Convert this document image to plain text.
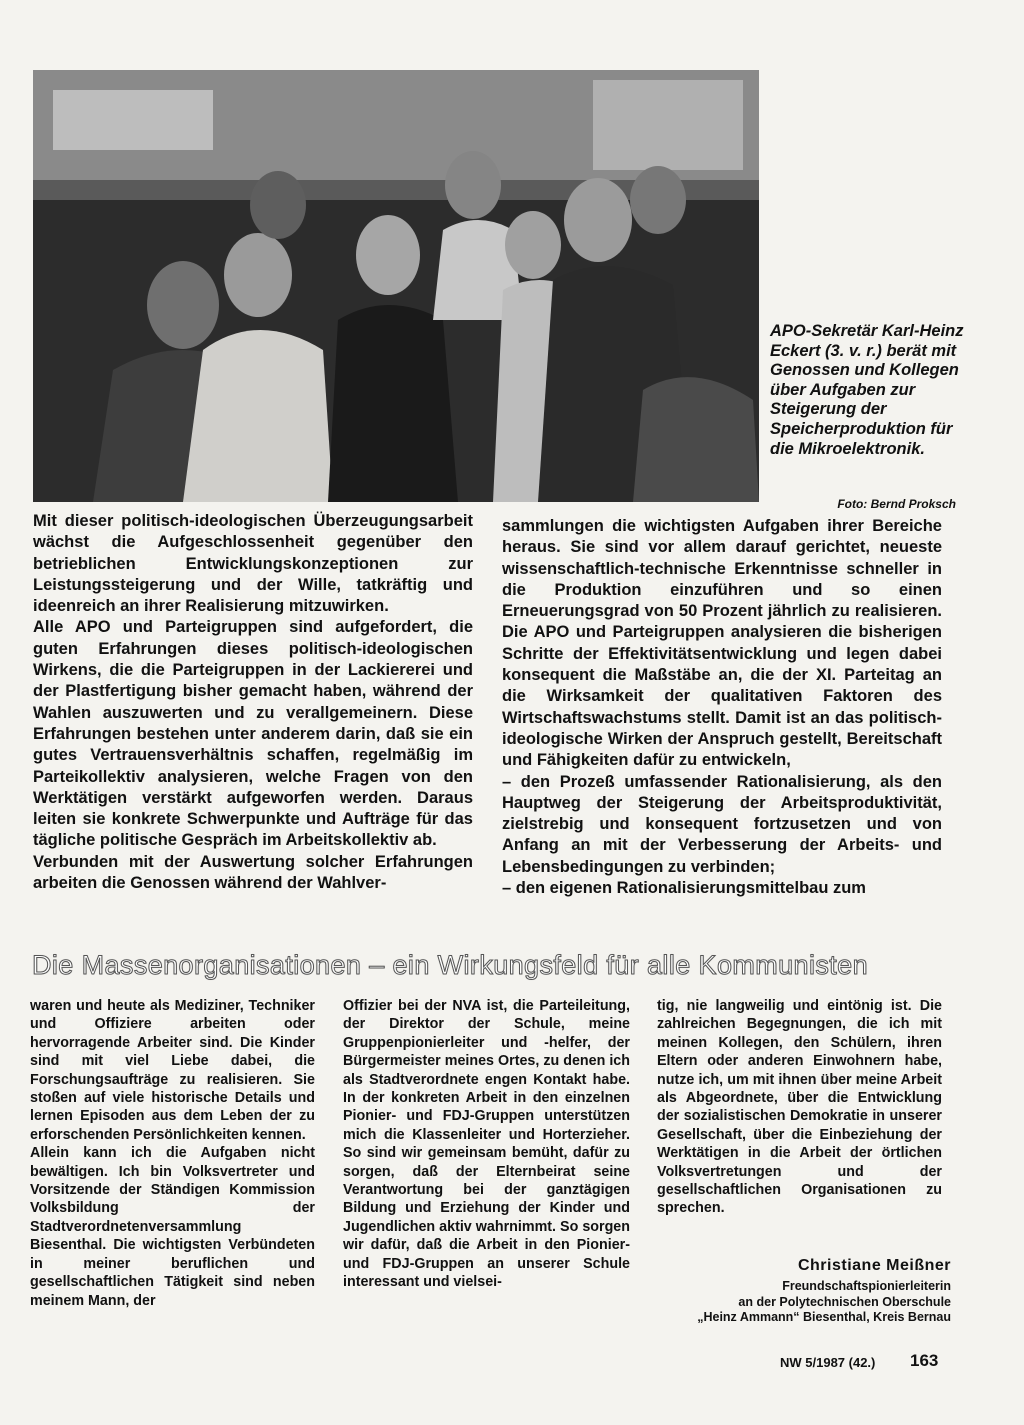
APO-Sekretär Karl-Heinz Eckert (3. v. r.) berät mit Genossen und Kollegen über Aufgaben zur Steigerung der Speicherproduktion für die Mikroelektronik.
Foto: Bernd Proksch

Mit dieser politisch-ideologischen Überzeugungsarbeit wächst die Aufgeschlossenheit gegenüber den betrieblichen Entwicklungskonzeptionen zur Leistungssteigerung und der Wille, tatkräftig und ideenreich an ihrer Realisierung mitzuwirken.

Alle APO und Parteigruppen sind aufgefordert, die guten Erfahrungen dieses politisch-ideologischen Wirkens, die die Parteigruppen in der Lackiererei und der Plastfertigung bisher gemacht haben, während der Wahlen auszuwerten und zu verallgemeinern. Diese Erfahrungen bestehen unter anderem darin, daß sie ein gutes Vertrauensverhältnis schaffen, regelmäßig im Parteikollektiv analysieren, welche Fragen von den Werktätigen verstärkt aufgeworfen werden. Daraus leiten sie konkrete Schwerpunkte und Aufträge für das tägliche politische Gespräch im Arbeitskollektiv ab.

Verbunden mit der Auswertung solcher Erfahrungen arbeiten die Genossen während der Wahlver-

sammlungen die wichtigsten Aufgaben ihrer Bereiche heraus. Sie sind vor allem darauf gerichtet, neueste wissenschaftlich-technische Erkenntnisse schneller in die Produktion einzuführen und so einen Erneuerungsgrad von 50 Prozent jährlich zu realisieren. Die APO und Parteigruppen analysieren die bisherigen Schritte der Effektivitätsentwicklung und legen dabei konsequent die Maßstäbe an, die der XI. Parteitag an die Wirksamkeit der qualitativen Faktoren des Wirtschaftswachstums stellt. Damit ist an das politisch-ideologische Wirken der Anspruch gestellt, Bereitschaft und Fähigkeiten dafür zu entwickeln,

– den Prozeß umfassender Rationalisierung, als den Hauptweg der Steigerung der Arbeitsproduktivität, zielstrebig und konsequent fortzusetzen und von Anfang an mit der Verbesserung der Arbeits- und Lebensbedingungen zu verbinden;

– den eigenen Rationalisierungsmittelbau zum

Die Massenorganisationen – ein Wirkungsfeld für alle Kommunisten

waren und heute als Mediziner, Techniker und Offiziere arbeiten oder hervorragende Arbeiter sind. Die Kinder sind mit viel Liebe dabei, die Forschungsaufträge zu realisieren. Sie stoßen auf viele historische Details und lernen Episoden aus dem Leben der zu erforschenden Persönlichkeiten kennen.

Allein kann ich die Aufgaben nicht bewältigen. Ich bin Volksvertreter und Vorsitzende der Ständigen Kommission Volksbildung der Stadtverordnetenversammlung Biesenthal. Die wichtigsten Verbündeten in meiner beruflichen und gesellschaftlichen Tätigkeit sind neben meinem Mann, der

Offizier bei der NVA ist, die Parteileitung, der Direktor der Schule, meine Gruppenpionierleiter und -helfer, der Bürgermeister meines Ortes, zu denen ich als Stadtverordnete engen Kontakt habe. In der konkreten Arbeit in den einzelnen Pionier- und FDJ-Gruppen unterstützen mich die Klassenleiter und Horterzieher. So sind wir gemeinsam bemüht, dafür zu sorgen, daß der Elternbeirat seine Verantwortung bei der ganztägigen Bildung und Erziehung der Kinder und Jugendlichen aktiv wahrnimmt. So sorgen wir dafür, daß die Arbeit in den Pionier- und FDJ-Gruppen an unserer Schule interessant und vielsei-

tig, nie langweilig und eintönig ist. Die zahlreichen Begegnungen, die ich mit meinen Kollegen, den Schülern, ihren Eltern oder anderen Einwohnern habe, nutze ich, um mit ihnen über meine Arbeit als Abgeordnete, über die Entwicklung der sozialistischen Demokratie in unserer Gesellschaft, über die Einbeziehung der Werktätigen in die Arbeit der örtlichen Volksvertretungen und der gesellschaftlichen Organisationen zu sprechen.

Christiane Meißner
Freundschaftspionierleiterin
an der Polytechnischen Oberschule
„Heinz Ammann“ Biesenthal, Kreis Bernau
NW 5/1987 (42.) 163
